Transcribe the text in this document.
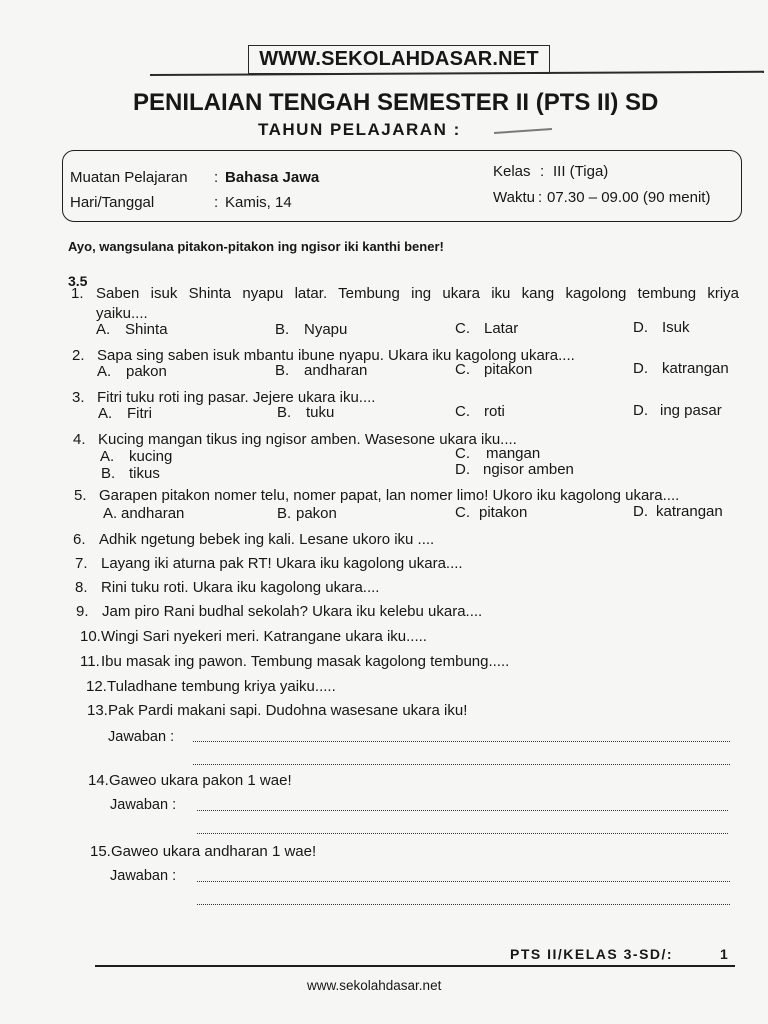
WWW.SEKOLAHDASAR.NET
PENILAIAN TENGAH SEMESTER II (PTS II) SD
TAHUN PELAJARAN :
Muatan Pelajaran : Bahasa Jawa
Hari/Tanggal	: Kamis, 14
Kelas : III (Tiga)
Waktu : 07.30 – 09.00 (90 menit)
Ayo, wangsulana pitakon-pitakon ing ngisor iki kanthi bener!
3.5
1. Saben isuk Shinta nyapu latar. Tembung ing ukara iku kang kagolong tembung kriya
yaiku....
A. Shinta	B. Nyapu	C. Latar	D. Isuk
2. Sapa sing saben isuk mbantu ibune nyapu. Ukara iku kagolong ukara....
A. pakon	B. andharan	C. pitakon	D. katrangan
3. Fitri tuku roti ing pasar. Jejere ukara iku....
A. Fitri	B. tuku	C. roti	D. ing pasar
4. Kucing mangan tikus ing ngisor amben. Wasesone ukara iku....
A. kucing
B. tikus
C. mangan
D. ngisor amben
5. Garapen pitakon nomer telu, nomer papat, lan nomer limo! Ukoro iku kagolong ukara....
A. andharan	B. pakon	C. pitakon	D. katrangan
6. Adhik ngetung bebek ing kali. Lesane ukoro iku ....
7. Layang iki aturna pak RT! Ukara iku kagolong ukara....
8. Rini tuku roti. Ukara iku kagolong ukara....
9. Jam piro Rani budhal sekolah? Ukara iku kelebu ukara....
10. Wingi Sari nyekeri meri. Katrangane ukara iku.....
11. Ibu masak ing pawon. Tembung masak kagolong tembung.....
12. Tuladhane tembung kriya yaiku.....
13. Pak Pardi makani sapi. Dudohna wasesane ukara iku!
Jawaban :
14. Gaweo ukara pakon 1 wae!
Jawaban :
15. Gaweo ukara andharan 1 wae!
Jawaban :
PTS II/KELAS 3-SD/:	1
www.sekolahdasar.net
